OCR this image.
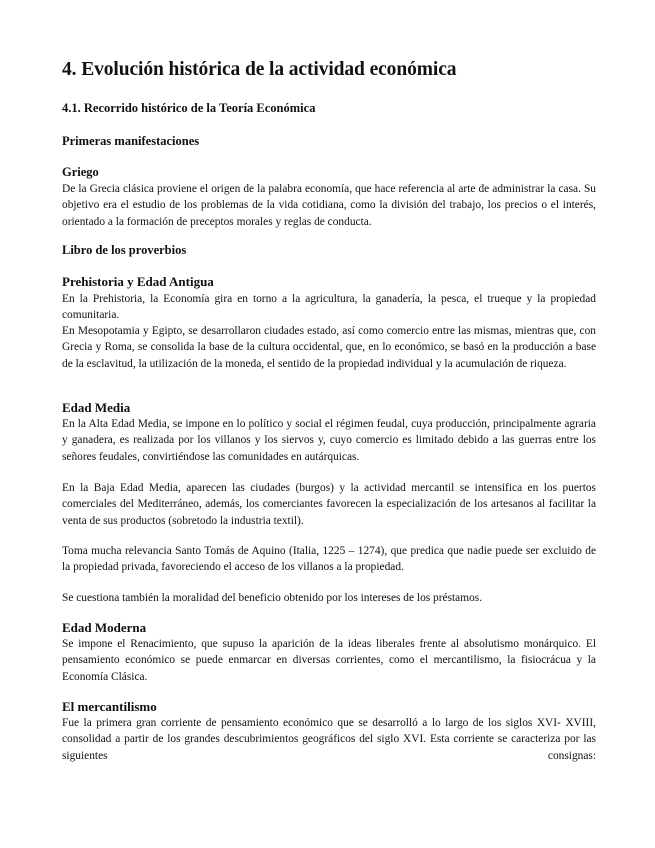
4. Evolución histórica de la actividad económica
4.1. Recorrido histórico de la Teoría Económica
Primeras manifestaciones
Griego
De la Grecia clásica proviene el origen de la palabra economía, que hace referencia al arte de administrar la casa. Su objetivo era el estudio de los problemas de la vida cotidiana, como la división del trabajo, los precios o el interés, orientado a la formación de preceptos morales y reglas de conducta.
Libro de los proverbios
Prehistoria y Edad Antigua
En la Prehistoria, la Economía gira en torno a la agricultura, la ganadería, la pesca, el trueque y la propiedad comunitaria.
En Mesopotamia y Egipto, se desarrollaron ciudades estado, así como comercio entre las mismas, mientras que, con Grecia y Roma, se consolida la base de la cultura occidental, que, en lo económico, se basó en la producción a base de la esclavitud, la utilización de la moneda, el sentido de la propiedad individual y la acumulación de riqueza.
Edad Media
En la Alta Edad Media, se impone en lo político y social el régimen feudal, cuya producción, principalmente agraria y ganadera, es realizada por los villanos y los siervos y, cuyo comercio es limitado debido a las guerras entre los señores feudales, convirtiéndose las comunidades en autárquicas.
En la Baja Edad Media, aparecen las ciudades (burgos) y la actividad mercantil se intensifica en los puertos comerciales del Mediterráneo, además, los comerciantes favorecen la especialización de los artesanos al facilitar la venta de sus productos (sobretodo la industria textil).
Toma mucha relevancia Santo Tomás de Aquino (Italia, 1225 – 1274), que predica que nadie puede ser excluido de la propiedad privada, favoreciendo el acceso de los villanos a la propiedad.
Se cuestiona también la moralidad del beneficio obtenido por los intereses de los préstamos.
Edad Moderna
Se impone el Renacimiento, que supuso la aparición de la ideas liberales frente al absolutismo monárquico. El pensamiento económico se puede enmarcar en diversas corrientes, como el mercantilismo, la fisiocrácua y la Economía Clásica.
El mercantilismo
Fue la primera gran corriente de pensamiento económico que se desarrolló a lo largo de los siglos XVI- XVIII, consolidad a partir de los grandes descubrimientos geográficos del siglo XVI. Esta corriente se caracteriza por las siguientes consignas:
